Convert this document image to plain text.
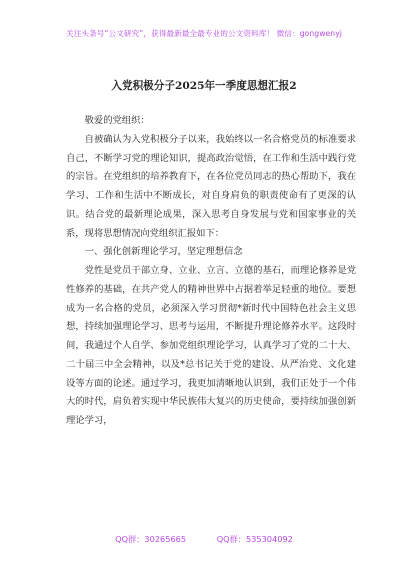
关注头条号“公文研究”，获得最新最全最专业的公文资料库！ 微信：gongwenyj
入党积极分子2025年一季度思想汇报2

敬爱的党组织：

自被确认为入党积极分子以来，我始终以一名合格党员的标准要求自己，不断学习党的理论知识，提高政治觉悟，在工作和生活中践行党的宗旨。在党组织的培养教育下，在各位党员同志的热心帮助下，我在学习、工作和生活中不断成长，对自身肩负的职责使命有了更深的认识。结合党的最新理论成果，深入思考自身发展与党和国家事业的关系，现将思想情况向党组织汇报如下：

一、强化创新理论学习，坚定理想信念

党性是党员干部立身、立业、立言、立德的基石，而理论修养是党性修养的基础，在共产党人的精神世界中占据着举足轻重的地位。要想成为一名合格的党员，必须深入学习贯彻*新时代中国特色社会主义思想，持续加强理论学习、思考与运用，不断提升理论修养水平。这段时间，我通过个人自学、参加党组织理论学习，认真学习了党的二十大、二十届三中全会精神，以及*总书记关于党的建设、从严治党、文化建设等方面的论述。通过学习，我更加清晰地认识到，我们正处于一个伟大的时代，肩负着实现中华民族伟大复兴的历史使命，要持续加强创新理论学习，

QQ群：30265665	QQ群：535304092
